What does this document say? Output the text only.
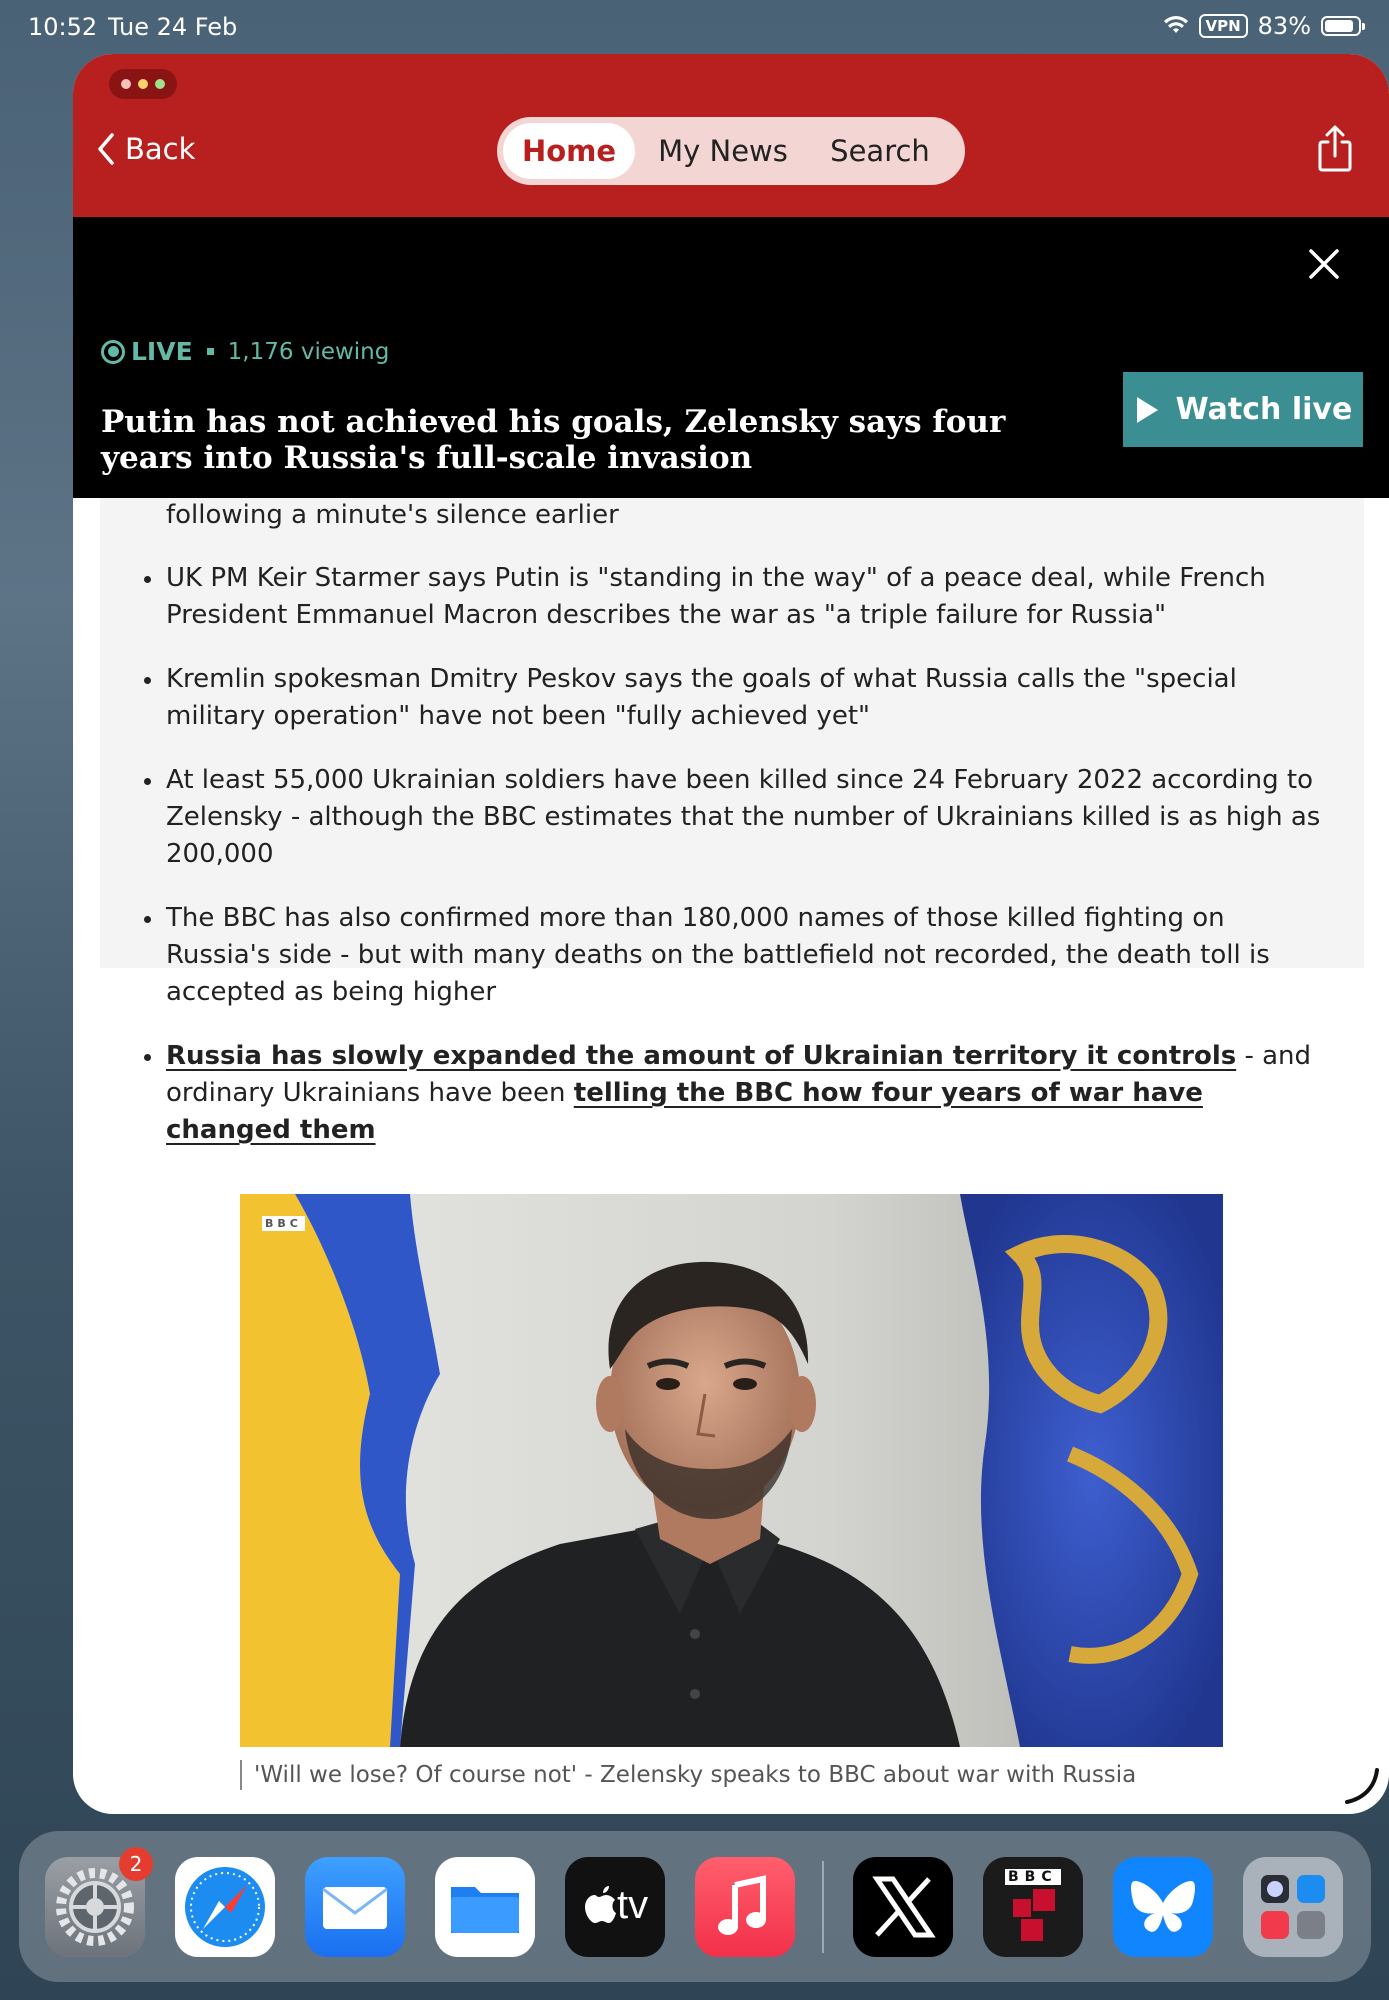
10:52 Tue 24 Feb	VPN 83%
Back	Home	My News	Search
LIVE 1,176 viewing
Putin has not achieved his goals, Zelensky says four years into Russia's full-scale invasion
Watch live

following a minute's silence earlier

UK PM Keir Starmer says Putin is "standing in the way" of a peace deal, while French President Emmanuel Macron describes the war as "a triple failure for Russia"
Kremlin spokesman Dmitry Peskov says the goals of what Russia calls the "special military operation" have not been "fully achieved yet"
At least 55,000 Ukrainian soldiers have been killed since 24 February 2022 according to Zelensky - although the BBC estimates that the number of Ukrainians killed is as high as 200,000
The BBC has also confirmed more than 180,000 names of those killed fighting on Russia's side - but with many deaths on the battlefield not recorded, the death toll is accepted as being higher
Russia has slowly expanded the amount of Ukrainian territory it controls - and ordinary Ukrainians have been telling the BBC how four years of war have changed them
BBC
'Will we lose? Of course not' - Zelensky speaks to BBC about war with Russia
2
tv
BBC
